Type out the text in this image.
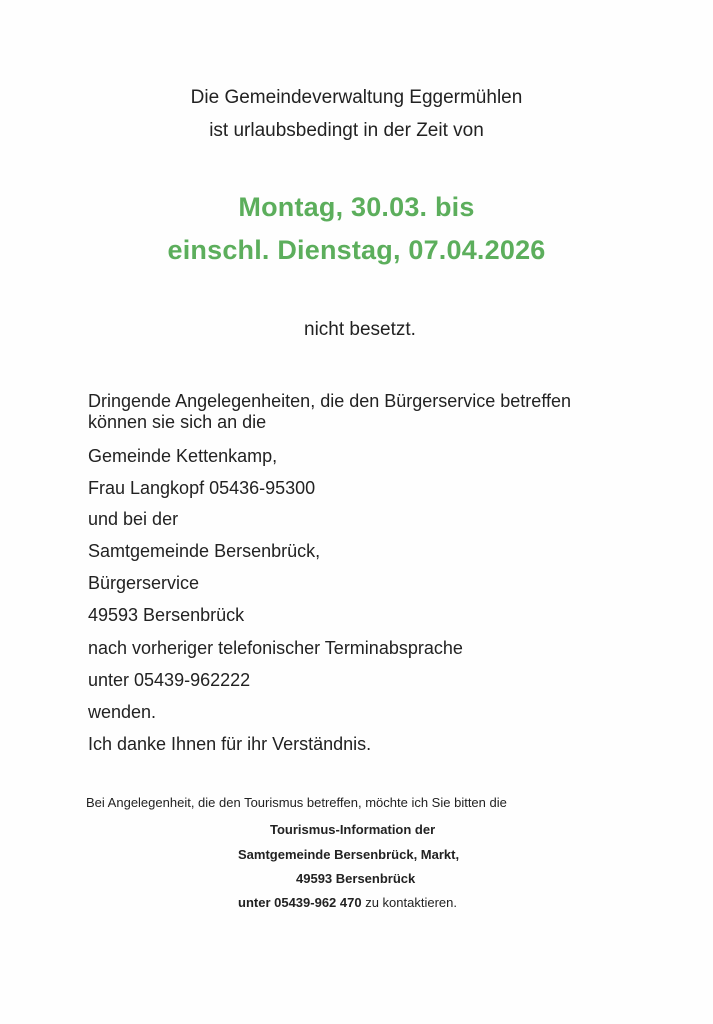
Die Gemeindeverwaltung Eggermühlen
ist urlaubsbedingt in der Zeit von
Montag, 30.03. bis
einschl. Dienstag, 07.04.2026
nicht besetzt.
Dringende Angelegenheiten, die den Bürgerservice betreffen
können sie sich an die
Gemeinde Kettenkamp,
Frau Langkopf 05436-95300
und bei der
Samtgemeinde Bersenbrück,
Bürgerservice
49593 Bersenbrück
nach vorheriger telefonischer Terminabsprache
unter 05439-962222
wenden.
Ich danke Ihnen für ihr Verständnis.
Bei Angelegenheit, die den Tourismus betreffen, möchte ich Sie bitten die
Tourismus-Information der
Samtgemeinde Bersenbrück, Markt,
49593 Bersenbrück
unter 05439-962 470 zu kontaktieren.
